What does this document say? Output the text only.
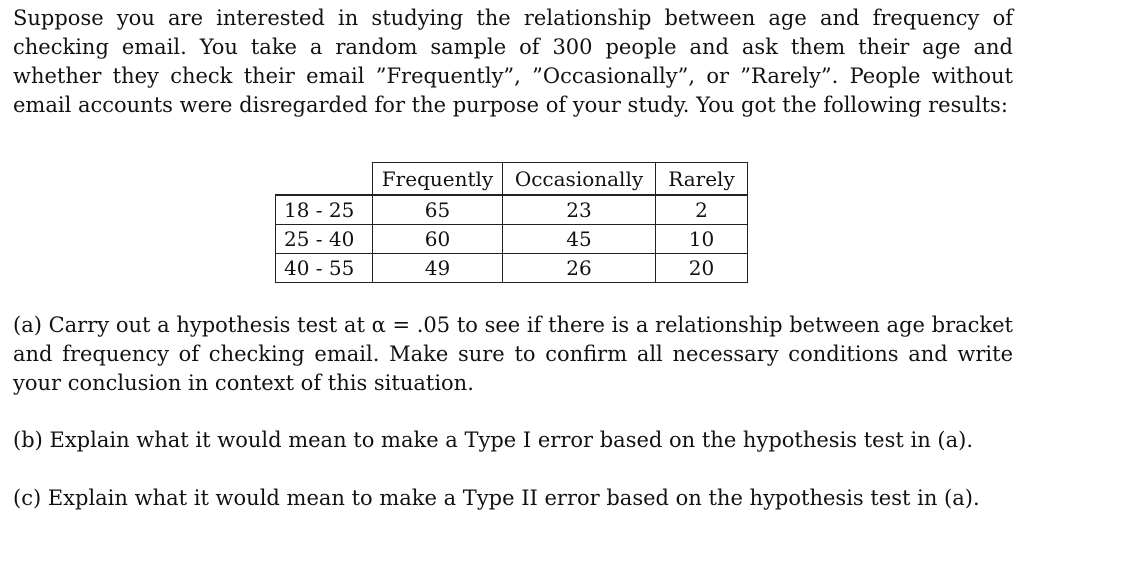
Suppose you are interested in studying the relationship between age and frequency of checking email. You take a random sample of 300 people and ask them their age and whether they check their email ”Frequently”, ”Occasionally”, or ”Rarely”. People without email accounts were disregarded for the purpose of your study. You got the following results:

	Frequently	Occasionally	Rarely
18 - 25	65	23	2
25 - 40	60	45	10
40 - 55	49	26	20

(a) Carry out a hypothesis test at α = .05 to see if there is a relationship between age bracket and frequency of checking email. Make sure to confirm all necessary conditions and write your conclusion in context of this situation.

(b) Explain what it would mean to make a Type I error based on the hypothesis test in (a).

(c) Explain what it would mean to make a Type II error based on the hypothesis test in (a).
